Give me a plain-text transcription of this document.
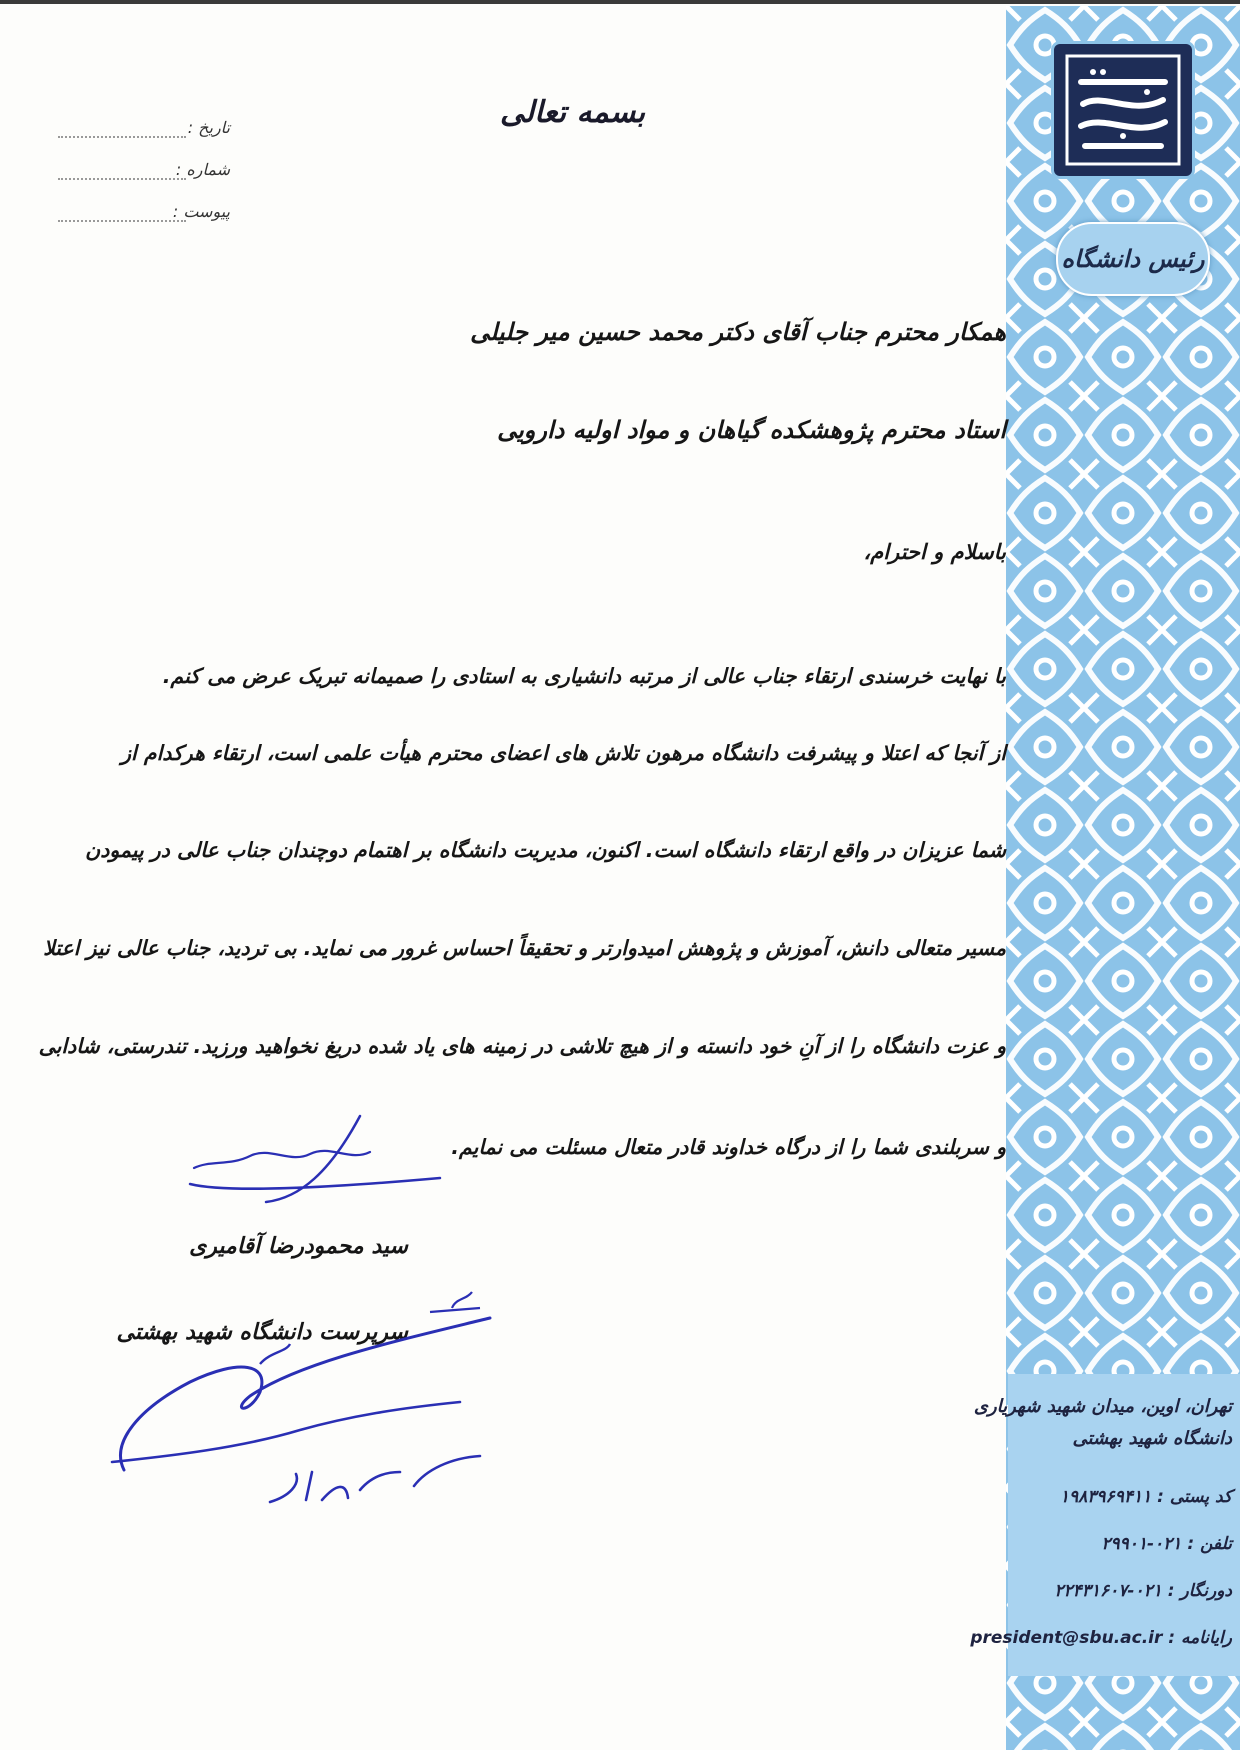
رئیس دانشگاه
تهران، اوین، میدان شهید شهریاری
دانشگاه شهید بهشتی
کد پستی : ۱۹۸۳۹۶۹۴۱۱
تلفن : ۰۲۱-۲۹۹۰۱
دورنگار : ۰۲۱-۲۲۴۳۱۶۰۷
رایانامه : president@sbu.ac.ir
بسمه تعالی
تاریخ :
شماره :
پیوست :
همکار محترم جناب آقای دکتر محمد حسین میر جلیلی
استاد محترم پژوهشکده گیاهان و مواد اولیه دارویی
باسلام و احترام،
با نهایت خرسندی ارتقاء جناب عالی از مرتبه دانشیاری به استادی را صمیمانه تبریک عرض می کنم.
از آنجا که اعتلا و پیشرفت دانشگاه مرهون تلاش های اعضای محترم هیأت علمی است، ارتقاء هرکدام از
شما عزیزان در واقع ارتقاء دانشگاه است. اکنون، مدیریت دانشگاه بر اهتمام دوچندان جناب عالی در پیمودن
مسیر متعالی دانش، آموزش و پژوهش امیدوارتر و تحقیقاً احساس غرور می نماید. بی تردید، جناب عالی نیز اعتلا
و عزت دانشگاه را از آنِ خود دانسته و از هیچ تلاشی در زمینه های یاد شده دریغ نخواهید ورزید. تندرستی، شادابی
و سربلندی شما را از درگاه خداوند قادر متعال مسئلت می نمایم.
سید محمودرضا آقامیری
سرپرست دانشگاه شهید بهشتی
